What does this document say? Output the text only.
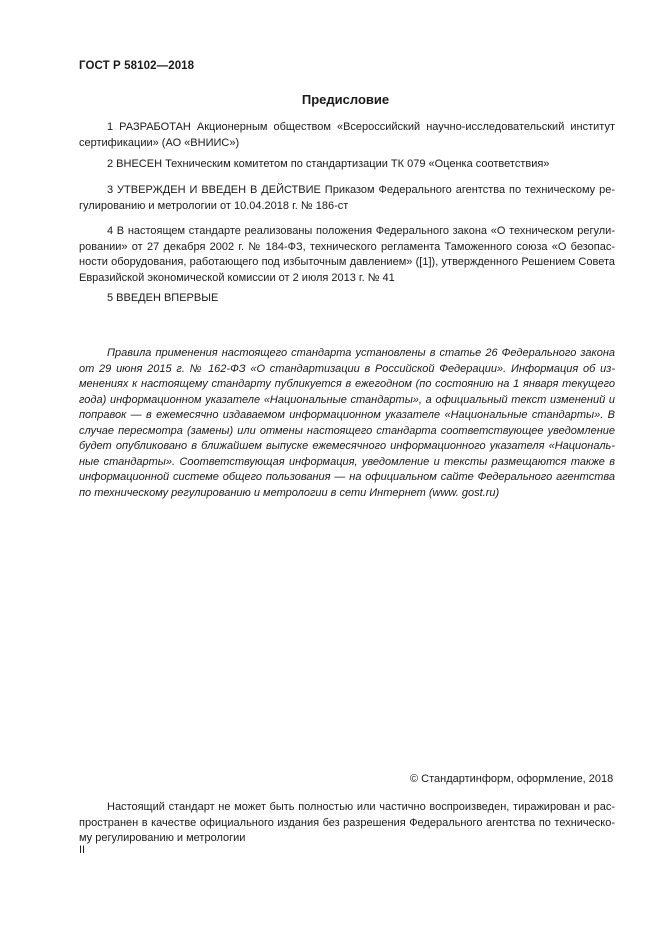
ГОСТ Р 58102—2018
Предисловие
1 РАЗРАБОТАН Акционерным обществом «Всероссийский научно-исследовательский институт
сертификации» (АО «ВНИИС»)
2 ВНЕСЕН Техническим комитетом по стандартизации ТК 079 «Оценка соответствия»
3 УТВЕРЖДЕН И ВВЕДЕН В ДЕЙСТВИЕ Приказом Федерального агентства по техническому ре-
гулированию и метрологии от 10.04.2018 г. № 186-ст
4 В настоящем стандарте реализованы положения Федерального закона «О техническом регули-
ровании» от 27 декабря 2002 г. № 184-ФЗ, технического регламента Таможенного союза «О безопас-
ности оборудования, работающего под избыточным давлением» ([1]), утвержденного Решением Совета
Евразийской экономической комиссии от 2 июля 2013 г. № 41
5 ВВЕДЕН ВПЕРВЫЕ
Правила применения настоящего стандарта установлены в статье 26 Федерального закона
от 29 июня 2015 г. № 162-ФЗ «О стандартизации в Российской Федерации». Информация об из-
менениях к настоящему стандарту публикуется в ежегодном (по состоянию на 1 января текущего
года) информационном указателе «Национальные стандарты», а официальный текст изменений и
поправок — в ежемесячно издаваемом информационном указателе «Национальные стандарты». В
случае пересмотра (замены) или отмены настоящего стандарта соответствующее уведомление
будет опубликовано в ближайшем выпуске ежемесячного информационного указателя «Националь-
ные стандарты». Соответствующая информация, уведомление и тексты размещаются также в
информационной системе общего пользования — на официальном сайте Федерального агентства
по техническому регулированию и метрологии в сети Интернет (www. gost.ru)
© Стандартинформ, оформление, 2018
Настоящий стандарт не может быть полностью или частично воспроизведен, тиражирован и рас-
пространен в качестве официального издания без разрешения Федерального агентства по техническо-
му регулированию и метрологии
II
